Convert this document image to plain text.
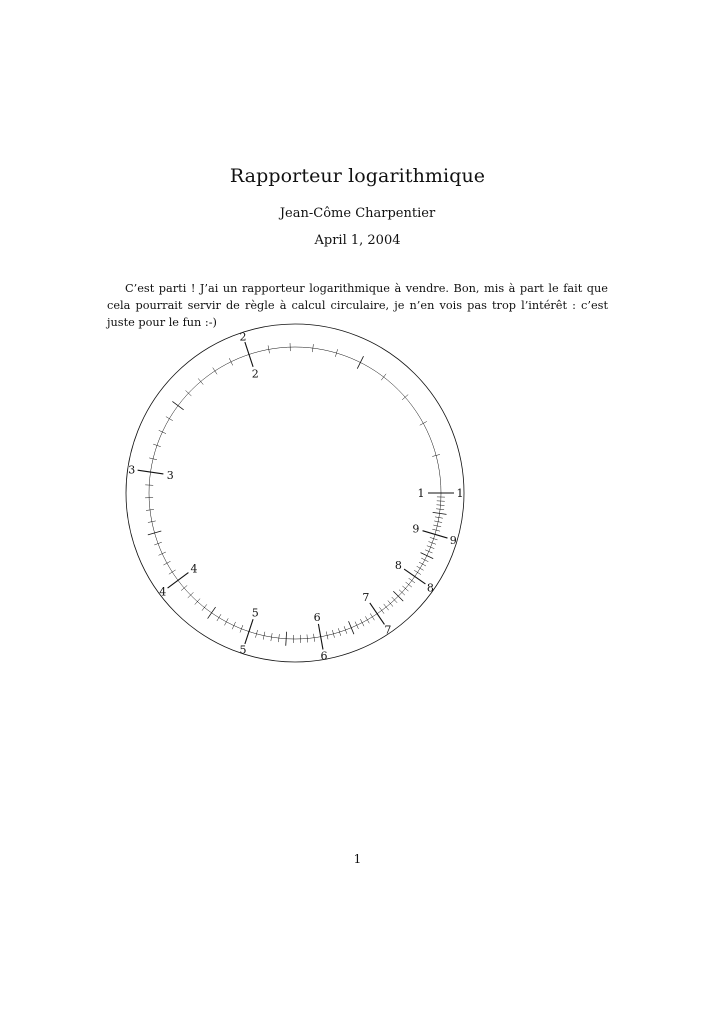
Rapporteur logarithmique
Jean-Côme Charpentier
April 1, 2004

C’est parti ! J’ai un rapporteur logarithmique à vendre. Bon, mis à part le fait que cela pourrait servir de règle à calcul circulaire, je n’en vois pas trop l’intérêt : c’est juste pour le fun :-)

1
1
2
2
3	3
4
4
5
5
6
6
7
7
8
8
9
9
1
